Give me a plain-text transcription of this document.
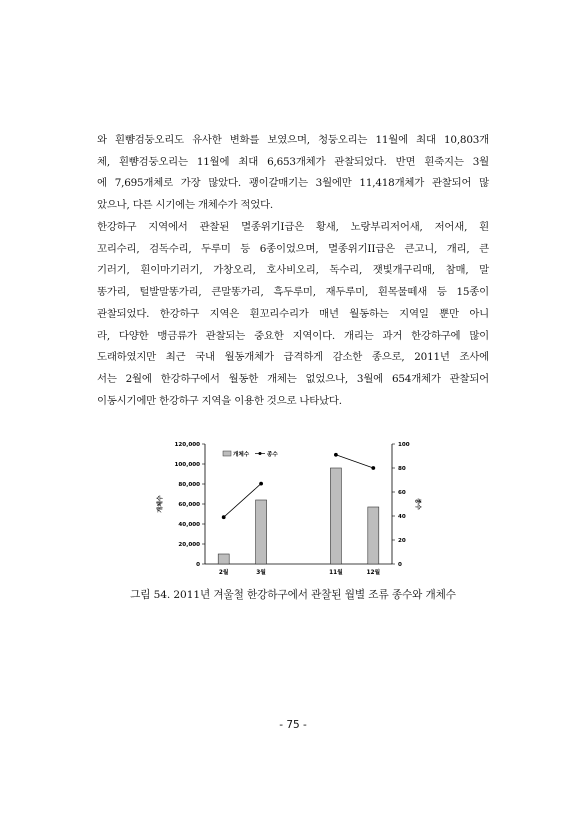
와 흰뺨검둥오리도 유사한 변화를 보였으며, 청둥오리는 11월에 최대 10,803개
체, 흰뺨검둥오리는 11월에 최대 6,653개체가 관찰되었다. 반면 흰죽지는 3월
에 7,695개체로 가장 많았다. 괭이갈매기는 3월에만 11,418개체가 관찰되어 많
았으나, 다른 시기에는 개체수가 적었다.
한강하구 지역에서 관찰된 멸종위기I급은 황새, 노랑부리저어새, 저어새, 흰
꼬리수리, 검독수리, 두루미 등 6종이었으며, 멸종위기II급은 큰고니, 개리, 큰
기러기, 흰이마기러기, 가창오리, 호사비오리, 독수리, 잿빛개구리매, 참매, 말
똥가리, 털발말똥가리, 큰말똥가리, 흑두루미, 재두루미, 흰목물떼새 등 15종이
관찰되었다. 한강하구 지역은 흰꼬리수리가 매년 월동하는 지역일 뿐만 아니
라, 다양한 맹금류가 관찰되는 중요한 지역이다. 개리는 과거 한강하구에 많이
도래하였지만 최근 국내 월동개체가 급격하게 감소한 종으로, 2011년 조사에
서는 2월에 한강하구에서 월동한 개체는 없었으나, 3월에 654개체가 관찰되어
이동시기에만 한강하구 지역을 이용한 것으로 나타났다.
0
20,000
40,000
60,000
80,000
100,000
120,000
0
20
40
60
80
100
개체수	종수
2월	3월	11월	12월
개체수	종수
그림 54. 2011년 겨울철 한강하구에서 관찰된 월별 조류 종수와 개체수
- 75 -
